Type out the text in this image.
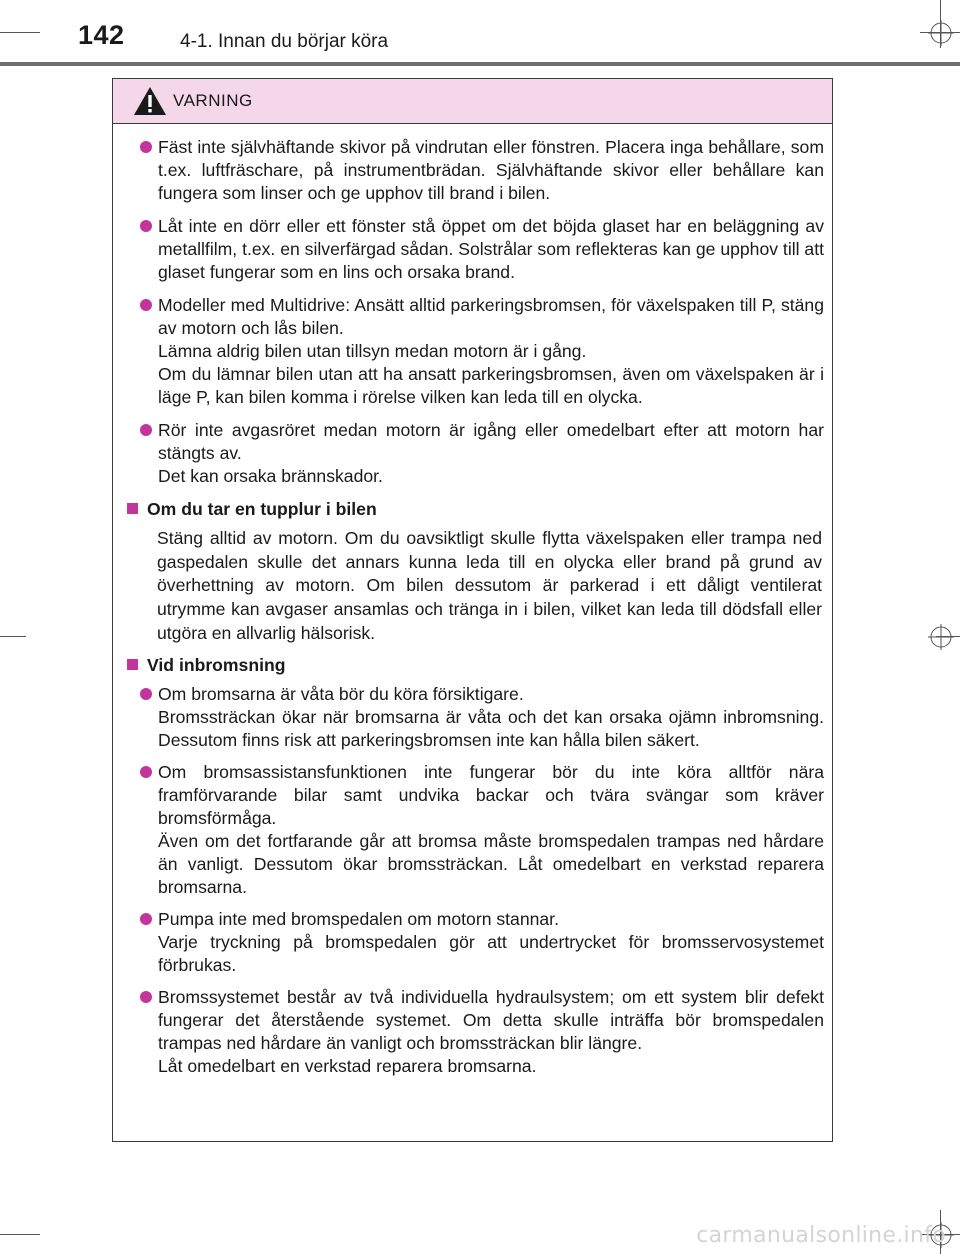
142	4-1. Innan du börjar köra
VARNING

Fäst inte självhäftande skivor på vindrutan eller fönstren. Placera inga behållare, som t.ex. luftfräschare, på instrumentbrädan. Självhäftande skivor eller behållare kan fungera som linser och ge upphov till brand i bilen.

Låt inte en dörr eller ett fönster stå öppet om det böjda glaset har en beläggning av metallfilm, t.ex. en silverfärgad sådan. Solstrålar som reflekteras kan ge upphov till att glaset fungerar som en lins och orsaka brand.

Modeller med Multidrive: Ansätt alltid parkeringsbromsen, för växelspaken till P, stäng av motorn och lås bilen.

Lämna aldrig bilen utan tillsyn medan motorn är i gång.

Om du lämnar bilen utan att ha ansatt parkeringsbromsen, även om växelspaken är i läge P, kan bilen komma i rörelse vilken kan leda till en olycka.

Rör inte avgasröret medan motorn är igång eller omedelbart efter att motorn har stängts av.

Det kan orsaka brännskador.

Om du tar en tupplur i bilen

Stäng alltid av motorn. Om du oavsiktligt skulle flytta växelspaken eller trampa ned gaspedalen skulle det annars kunna leda till en olycka eller brand på grund av överhettning av motorn. Om bilen dessutom är parkerad i ett dåligt ventilerat utrymme kan avgaser ansamlas och tränga in i bilen, vilket kan leda till dödsfall eller utgöra en allvarlig hälsorisk.

Vid inbromsning

Om bromsarna är våta bör du köra försiktigare.

Bromssträckan ökar när bromsarna är våta och det kan orsaka ojämn inbromsning. Dessutom finns risk att parkeringsbromsen inte kan hålla bilen säkert.

Om bromsassistansfunktionen inte fungerar bör du inte köra alltför nära framförvarande bilar samt undvika backar och tvära svängar som kräver bromsförmåga.

Även om det fortfarande går att bromsa måste bromspedalen trampas ned hårdare än vanligt. Dessutom ökar bromssträckan. Låt omedelbart en verkstad reparera bromsarna.

Pumpa inte med bromspedalen om motorn stannar.

Varje tryckning på bromspedalen gör att undertrycket för bromsservosystemet förbrukas.

Bromssystemet består av två individuella hydraulsystem; om ett system blir defekt fungerar det återstående systemet. Om detta skulle inträffa bör bromspedalen trampas ned hårdare än vanligt och bromssträckan blir längre.

Låt omedelbart en verkstad reparera bromsarna.

carmanualsonline.info
